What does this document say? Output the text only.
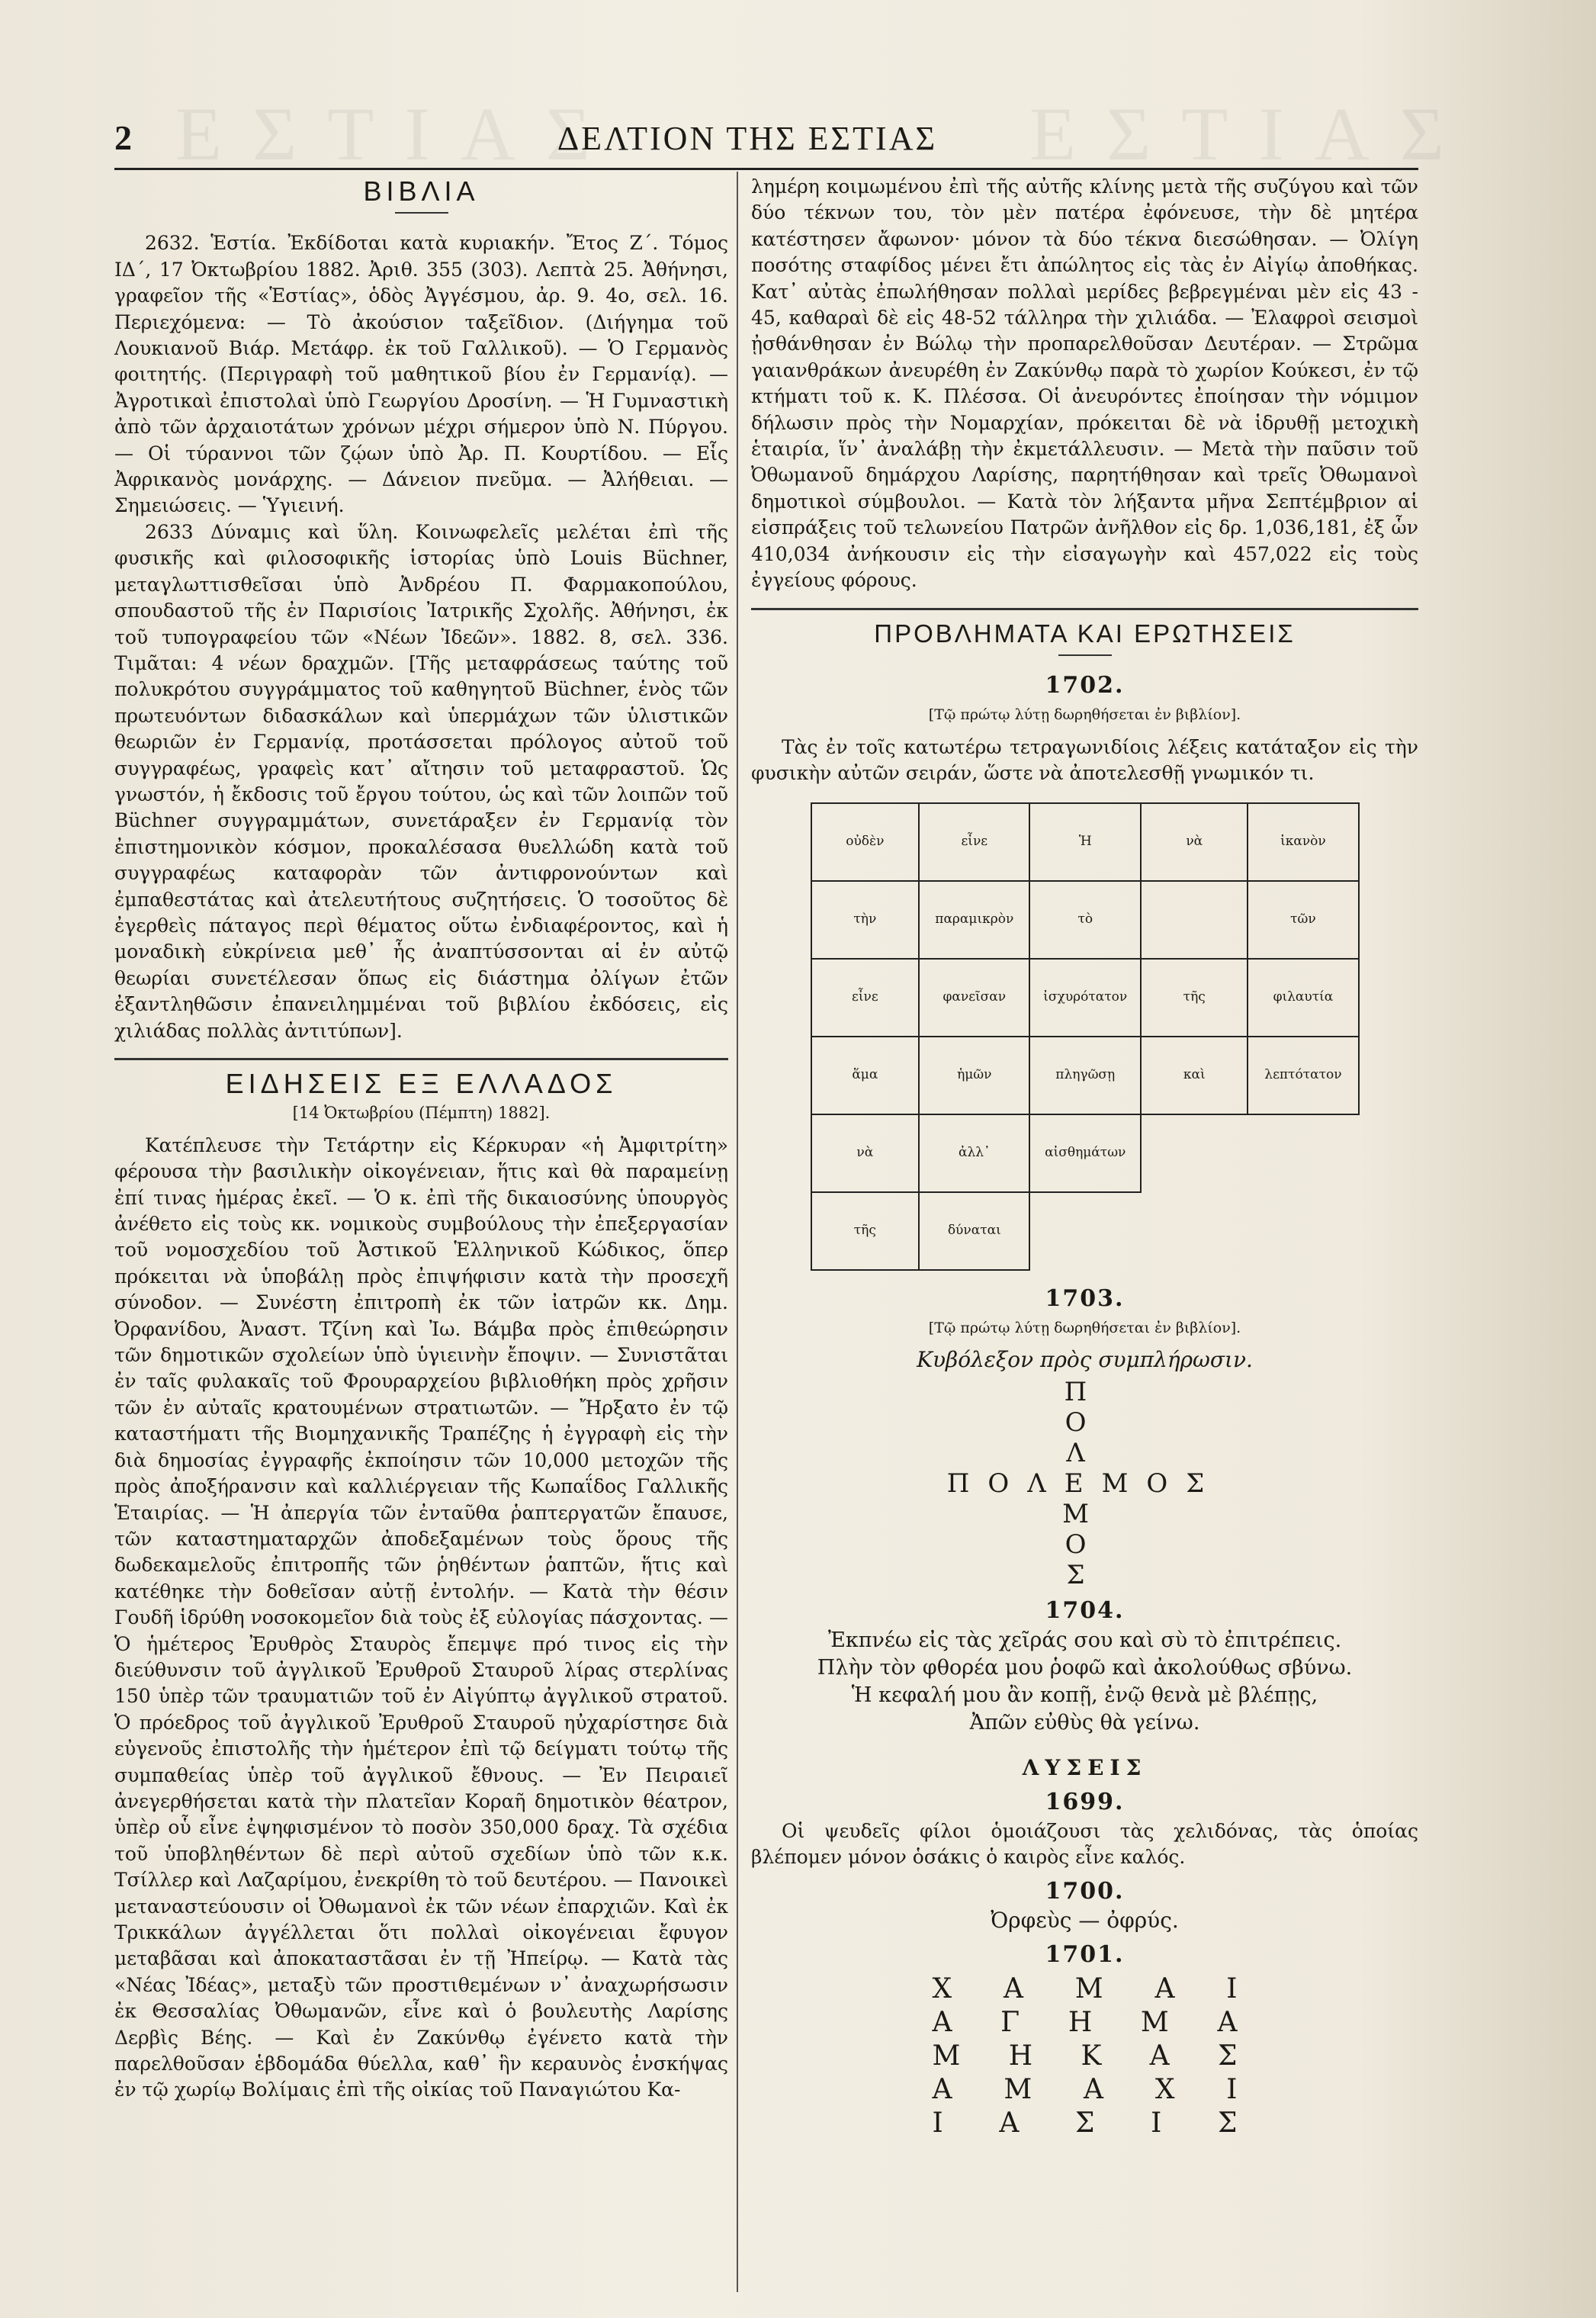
ΕΣΤΙΑΣ	ΕΣΤΙΑΣ
2	ΔΕΛΤΙΟΝ ΤΗΣ ΕΣΤΙΑΣ
ΒΙΒΛΙΑ

2632. Ἑστία. Ἐκδίδοται κατὰ κυριακήν. Ἔτος Ζ΄. Τόμος ΙΔ΄, 17 Ὀκτωβρίου 1882. Ἀριθ. 355 (303). Λεπτὰ 25. Ἀθήνησι, γραφεῖον τῆς «Ἑστίας», ὁδὸς Ἀγγέσμου, ἀρ. 9. 4ο, σελ. 16. Περιεχόμενα: — Τὸ ἀκούσιον ταξεῖδιον. (Διήγημα τοῦ Λουκιανοῦ Βιάρ. Μετάφρ. ἐκ τοῦ Γαλλικοῦ). — Ὁ Γερμανὸς φοιτητής. (Περιγραφὴ τοῦ μαθητικοῦ βίου ἐν Γερμανίᾳ). — Ἀγροτικαὶ ἐπιστολαὶ ὑπὸ Γεωργίου Δροσίνη. — Ἡ Γυμναστικὴ ἀπὸ τῶν ἀρχαιοτάτων χρόνων μέχρι σήμερον ὑπὸ Ν. Πύργου. — Οἱ τύραννοι τῶν ζῴων ὑπὸ Ἀρ. Π. Κουρτίδου. — Εἷς Ἀφρικανὸς μονάρχης. — Δάνειον πνεῦμα. — Ἀλήθειαι. — Σημειώσεις. — Ὑγιεινή.

2633 Δύναμις καὶ ὕλη. Κοινωφελεῖς μελέται ἐπὶ τῆς φυσικῆς καὶ φιλοσοφικῆς ἱστορίας ὑπὸ Louis Büchner, μεταγλωττισθεῖσαι ὑπὸ Ἀνδρέου Π. Φαρμακοπούλου, σπουδαστοῦ τῆς ἐν Παρισίοις Ἰατρικῆς Σχολῆς. Ἀθήνησι, ἐκ τοῦ τυπογραφείου τῶν «Νέων Ἰδεῶν». 1882. 8, σελ. 336. Τιμᾶται: 4 νέων δραχμῶν. [Τῆς μεταφράσεως ταύτης τοῦ πολυκρότου συγγράμματος τοῦ καθηγητοῦ Büchner, ἑνὸς τῶν πρωτευόντων διδασκάλων καὶ ὑπερμάχων τῶν ὑλιστικῶν θεωριῶν ἐν Γερμανίᾳ, προτάσσεται πρόλογος αὐτοῦ τοῦ συγγραφέως, γραφεὶς κατ᾽ αἴτησιν τοῦ μεταφραστοῦ. Ὡς γνωστόν, ἡ ἔκδοσις τοῦ ἔργου τούτου, ὡς καὶ τῶν λοιπῶν τοῦ Büchner συγγραμμάτων, συνετάραξεν ἐν Γερμανίᾳ τὸν ἐπιστημονικὸν κόσμον, προκαλέσασα θυελλώδη κατὰ τοῦ συγγραφέως καταφορὰν τῶν ἀντιφρονούντων καὶ ἐμπαθεστάτας καὶ ἀτελευτήτους συζητήσεις. Ὁ τοσοῦτος δὲ ἐγερθεὶς πάταγος περὶ θέματος οὕτω ἐνδιαφέροντος, καὶ ἡ μοναδικὴ εὐκρίνεια μεθ᾽ ἧς ἀναπτύσσονται αἱ ἐν αὐτῷ θεωρίαι συνετέλεσαν ὅπως εἰς διάστημα ὀλίγων ἐτῶν ἐξαντληθῶσιν ἐπανειλημμέναι τοῦ βιβλίου ἐκδόσεις, εἰς χιλιάδας πολλὰς ἀντιτύπων].

ΕΙΔΗΣΕΙΣ ΕΞ ΕΛΛΑΔΟΣ
[14 Ὀκτωβρίου (Πέμπτη) 1882].

Κατέπλευσε τὴν Τετάρτην εἰς Κέρκυραν «ἡ Ἀμφιτρίτη» φέρουσα τὴν βασιλικὴν οἰκογένειαν, ἥτις καὶ θὰ παραμείνῃ ἐπί τινας ἡμέρας ἐκεῖ. — Ὁ κ. ἐπὶ τῆς δικαιοσύνης ὑπουργὸς ἀνέθετο εἰς τοὺς κκ. νομικοὺς συμβούλους τὴν ἐπεξεργασίαν τοῦ νομοσχεδίου τοῦ Ἀστικοῦ Ἑλληνικοῦ Κώδικος, ὅπερ πρόκειται νὰ ὑποβάλῃ πρὸς ἐπιψήφισιν κατὰ τὴν προσεχῆ σύνοδον. — Συνέστη ἐπιτροπὴ ἐκ τῶν ἰατρῶν κκ. Δημ. Ὀρφανίδου, Ἀναστ. Τζίνη καὶ Ἰω. Βάμβα πρὸς ἐπιθεώρησιν τῶν δημοτικῶν σχολείων ὑπὸ ὑγιεινὴν ἔποψιν. — Συνιστᾶται ἐν ταῖς φυλακαῖς τοῦ Φρουραρχείου βιβλιοθήκη πρὸς χρῆσιν τῶν ἐν αὐταῖς κρατουμένων στρατιωτῶν. — Ἤρξατο ἐν τῷ καταστήματι τῆς Βιομηχανικῆς Τραπέζης ἡ ἐγγραφὴ εἰς τὴν διὰ δημοσίας ἐγγραφῆς ἐκποίησιν τῶν 10,000 μετοχῶν τῆς πρὸς ἀποξήρανσιν καὶ καλλιέργειαν τῆς Κωπαΐδος Γαλλικῆς Ἑταιρίας. — Ἡ ἀπεργία τῶν ἐνταῦθα ῥαπτεργατῶν ἔπαυσε, τῶν καταστηματαρχῶν ἀποδεξαμένων τοὺς ὅρους τῆς δωδεκαμελοῦς ἐπιτροπῆς τῶν ῥηθέντων ῥαπτῶν, ἥτις καὶ κατέθηκε τὴν δοθεῖσαν αὐτῇ ἐντολήν. — Κατὰ τὴν θέσιν Γουδῆ ἱδρύθη νοσοκομεῖον διὰ τοὺς ἐξ εὐλογίας πάσχοντας. — Ὁ ἡμέτερος Ἐρυθρὸς Σταυρὸς ἔπεμψε πρό τινος εἰς τὴν διεύθυνσιν τοῦ ἀγγλικοῦ Ἐρυθροῦ Σταυροῦ λίρας στερλίνας 150 ὑπὲρ τῶν τραυματιῶν τοῦ ἐν Αἰγύπτῳ ἀγγλικοῦ στρατοῦ. Ὁ πρόεδρος τοῦ ἀγγλικοῦ Ἐρυθροῦ Σταυροῦ ηὐχαρίστησε διὰ εὐγενοῦς ἐπιστολῆς τὴν ἡμέτερον ἐπὶ τῷ δείγματι τούτῳ τῆς συμπαθείας ὑπὲρ τοῦ ἀγγλικοῦ ἔθνους. — Ἐν Πειραιεῖ ἀνεγερθήσεται κατὰ τὴν πλατεῖαν Κοραῆ δημοτικὸν θέατρον, ὑπὲρ οὗ εἶνε ἐψηφισμένον τὸ ποσὸν 350,000 δραχ. Τὰ σχέδια τοῦ ὑποβληθέντων δὲ περὶ αὐτοῦ σχεδίων ὑπὸ τῶν κ.κ. Τσίλλερ καὶ Λαζαρίμου, ἐνεκρίθη τὸ τοῦ δευτέρου. — Πανοικεὶ μεταναστεύουσιν οἱ Ὀθωμανοὶ ἐκ τῶν νέων ἐπαρχιῶν. Καὶ ἐκ Τρικκάλων ἀγγέλλεται ὅτι πολλαὶ οἰκογένειαι ἔφυγον μεταβᾶσαι καὶ ἀποκαταστᾶσαι ἐν τῇ Ἠπείρῳ. — Κατὰ τὰς «Νέας Ἰδέας», μεταξὺ τῶν προστιθεμένων ν᾽ ἀναχωρήσωσιν ἐκ Θεσσαλίας Ὀθωμανῶν, εἶνε καὶ ὁ βουλευτὴς Λαρίσης Δερβὶς Βέης. — Καὶ ἐν Ζακύνθῳ ἐγένετο κατὰ τὴν παρελθοῦσαν ἑβδομάδα θύελλα, καθ᾽ ἣν κεραυνὸς ἐνσκήψας ἐν τῷ χωρίῳ Βολίμαις ἐπὶ τῆς οἰκίας τοῦ Παναγιώτου Κα-

λημέρη κοιμωμένου ἐπὶ τῆς αὐτῆς κλίνης μετὰ τῆς συζύγου καὶ τῶν δύο τέκνων του, τὸν μὲν πατέρα ἐφόνευσε, τὴν δὲ μητέρα κατέστησεν ἄφωνον· μόνον τὰ δύο τέκνα διεσώθησαν. — Ὀλίγη ποσότης σταφίδος μένει ἔτι ἀπώλητος εἰς τὰς ἐν Αἰγίῳ ἀποθήκας. Κατ᾽ αὐτὰς ἐπωλήθησαν πολλαὶ μερίδες βεβρεγμέναι μὲν εἰς 43 - 45, καθαραὶ δὲ εἰς 48-52 τάλληρα τὴν χιλιάδα. — Ἐλαφροὶ σεισμοὶ ᾐσθάνθησαν ἐν Βώλῳ τὴν προπαρελθοῦσαν Δευτέραν. — Στρῶμα γαιανθράκων ἀνευρέθη ἐν Ζακύνθῳ παρὰ τὸ χωρίον Κούκεσι, ἐν τῷ κτήματι τοῦ κ. Κ. Πλέσσα. Οἱ ἀνευρόντες ἐποίησαν τὴν νόμιμον δήλωσιν πρὸς τὴν Νομαρχίαν, πρόκειται δὲ νὰ ἱδρυθῇ μετοχικὴ ἑταιρία, ἵν᾽ ἀναλάβῃ τὴν ἐκμετάλλευσιν. — Μετὰ τὴν παῦσιν τοῦ Ὀθωμανοῦ δημάρχου Λαρίσης, παρητήθησαν καὶ τρεῖς Ὀθωμανοὶ δημοτικοὶ σύμβουλοι. — Κατὰ τὸν λήξαντα μῆνα Σεπτέμβριον αἱ εἰσπράξεις τοῦ τελωνείου Πατρῶν ἀνῆλθον εἰς δρ. 1,036,181, ἐξ ὧν 410,034 ἀνήκουσιν εἰς τὴν εἰσαγωγὴν καὶ 457,022 εἰς τοὺς ἐγγείους φόρους.

ΠΡΟΒΛΗΜΑΤΑ ΚΑΙ ΕΡΩΤΗΣΕΙΣ
1702.
[Τῷ πρώτῳ λύτῃ δωρηθήσεται ἐν βιβλίον].

Τὰς ἐν τοῖς κατωτέρω τετραγωνιδίοις λέξεις κατάταξον εἰς τὴν φυσικὴν αὐτῶν σειράν, ὥστε νὰ ἀποτελεσθῇ γνωμικόν τι.

οὐδὲν	εἶνε	Ἡ	νὰ	ἱκανὸν
τὴν	παραμικρὸν	τὸ		τῶν
εἶνε	φανεῖσαν	ἰσχυρότατον	τῆς	φιλαυτία
ἅμα	ἡμῶν	πληγῶσῃ	καὶ	λεπτότατον
νὰ	ἀλλ᾽	αἰσθημάτων		
τῆς	δύναται			
1703.
[Τῷ πρώτῳ λύτῃ δωρηθήσεται ἐν βιβλίον].
Κυβόλεξον πρὸς συμπλήρωσιν.
Π
Ο
Λ
ΠΟΛΕΜΟΣ
Μ
Ο
Σ
1704.
Ἐκπνέω εἰς τὰς χεῖράς σου καὶ σὺ τὸ ἐπιτρέπεις.
Πλὴν τὸν φθορέα μου ῥοφῶ καὶ ἀκολούθως σβύνω.
Ἡ κεφαλή μου ἂν κοπῇ, ἐνῷ θενὰ μὲ βλέπῃς,
Ἀπῶν εὐθὺς θὰ γείνω.
ΛΥΣΕΙΣ
1699.

Οἱ ψευδεῖς φίλοι ὁμοιάζουσι τὰς χελιδόνας, τὰς ὁποίας βλέπομεν μόνον ὁσάκις ὁ καιρὸς εἶνε καλός.

1700.
Ὀρφεὺς — ὀφρύς.
1701.
Χ Α Μ Α Ι
Α Γ Η Μ Α
Μ Η Κ Α Σ
Α Μ Α Χ Ι
Ι Α Σ Ι Σ
